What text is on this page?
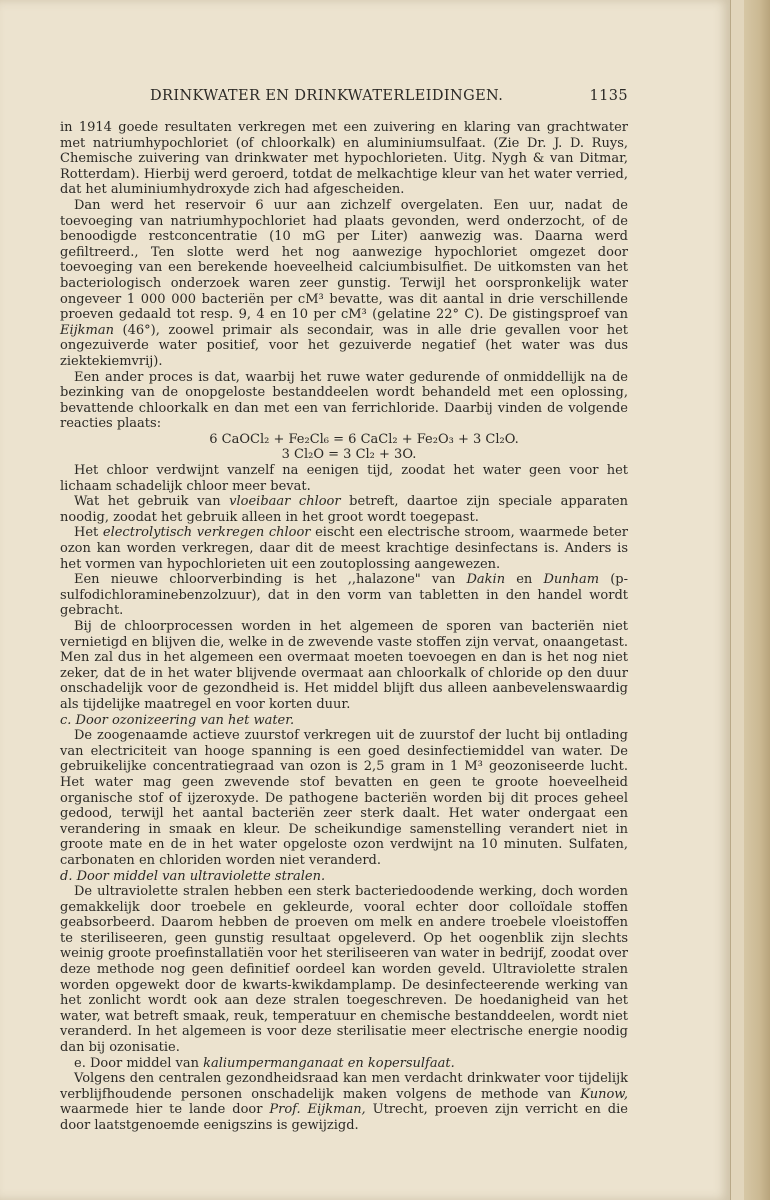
DRINKWATER EN DRINKWATERLEIDINGEN.	1135

in 1914 goede resultaten verkregen met een zuivering en klaring van grachtwater met natriumhypochloriet (of chloorkalk) en aluminiumsulfaat. (Zie Dr. J. D. Ruys, Chemische zuivering van drinkwater met hypochlorieten. Uitg. Nygh & van Ditmar, Rotterdam). Hierbij werd geroerd, totdat de melkachtige kleur van het water verried, dat het aluminiumhydroxyde zich had afgescheiden.

Dan werd het reservoir 6 uur aan zichzelf overgelaten. Een uur, nadat de toevoeging van natriumhypochloriet had plaats gevonden, werd onderzocht, of de benoodigde restconcentratie (10 mG per Liter) aanwezig was. Daarna werd gefiltreerd., Ten slotte werd het nog aanwezige hypochloriet omgezet door toevoeging van een berekende hoeveelheid calciumbisulfiet. De uitkomsten van het bacteriologisch onderzoek waren zeer gunstig. Terwijl het oorspronkelijk water ongeveer 1 000 000 bacteriën per cM³ bevatte, was dit aantal in drie verschillende proeven gedaald tot resp. 9, 4 en 10 per cM³ (gelatine 22° C). De gistingsproef van Eijkman (46°), zoowel primair als secondair, was in alle drie gevallen voor het ongezuiverde water positief, voor het gezuiverde negatief (het water was dus ziektekiemvrij).

Een ander proces is dat, waarbij het ruwe water gedurende of onmiddellijk na de bezinking van de onopgeloste bestanddeelen wordt behandeld met een oplossing, bevattende chloorkalk en dan met een van ferrichloride. Daarbij vinden de volgende reacties plaats:

6 CaOCl₂ + Fe₂Cl₆ = 6 CaCl₂ + Fe₂O₃ + 3 Cl₂O.

3 Cl₂O = 3 Cl₂ + 3O.

Het chloor verdwijnt vanzelf na eenigen tijd, zoodat het water geen voor het lichaam schadelijk chloor meer bevat.

Wat het gebruik van vloeibaar chloor betreft, daartoe zijn speciale apparaten noodig, zoodat het gebruik alleen in het groot wordt toegepast.

Het electrolytisch verkregen chloor eischt een electrische stroom, waarmede beter ozon kan worden verkregen, daar dit de meest krachtige desinfectans is. Anders is het vormen van hypochlorieten uit een zoutoplossing aangewezen.

Een nieuwe chloorverbinding is het ,,halazone" van Dakin en Dunham (p-sulfodichloraminebenzolzuur), dat in den vorm van tabletten in den handel wordt gebracht.

Bij de chloorprocessen worden in het algemeen de sporen van bacteriën niet vernietigd en blijven die, welke in de zwevende vaste stoffen zijn vervat, onaangetast. Men zal dus in het algemeen een overmaat moeten toevoegen en dan is het nog niet zeker, dat de in het water blijvende overmaat aan chloorkalk of chloride op den duur onschadelijk voor de gezondheid is. Het middel blijft dus alleen aanbevelenswaardig als tijdelijke maatregel en voor korten duur.

c. Door ozonizeering van het water.

De zoogenaamde actieve zuurstof verkregen uit de zuurstof der lucht bij ontlading van electriciteit van hooge spanning is een goed desinfectiemiddel van water. De gebruikelijke concentratiegraad van ozon is 2,5 gram in 1 M³ geozoniseerde lucht. Het water mag geen zwevende stof bevatten en geen te groote hoeveelheid organische stof of ijzeroxyde. De pathogene bacteriën worden bij dit proces geheel gedood, terwijl het aantal bacteriën zeer sterk daalt. Het water ondergaat een verandering in smaak en kleur. De scheikundige samenstelling verandert niet in groote mate en de in het water opgeloste ozon verdwijnt na 10 minuten. Sulfaten, carbonaten en chloriden worden niet veranderd.

d. Door middel van ultraviolette stralen.

De ultraviolette stralen hebben een sterk bacteriedoodende werking, doch worden gemakkelijk door troebele en gekleurde, vooral echter door colloïdale stoffen geabsorbeerd. Daarom hebben de proeven om melk en andere troebele vloeistoffen te steriliseeren, geen gunstig resultaat opgeleverd. Op het oogenblik zijn slechts weinig groote proefinstallatiën voor het steriliseeren van water in bedrijf, zoodat over deze methode nog geen definitief oordeel kan worden geveld. Ultraviolette stralen worden opgewekt door de kwarts-kwikdamplamp. De desinfecteerende werking van het zonlicht wordt ook aan deze stralen toegeschreven. De hoedanigheid van het water, wat betreft smaak, reuk, temperatuur en chemische bestanddeelen, wordt niet veranderd. In het algemeen is voor deze sterilisatie meer electrische energie noodig dan bij ozonisatie.

e. Door middel van kaliumpermanganaat en kopersulfaat.

Volgens den centralen gezondheidsraad kan men verdacht drinkwater voor tijdelijk verblijfhoudende personen onschadelijk maken volgens de methode van Kunow, waarmede hier te lande door Prof. Eijkman, Utrecht, proeven zijn verricht en die door laatstgenoemde eenigszins is gewijzigd.
